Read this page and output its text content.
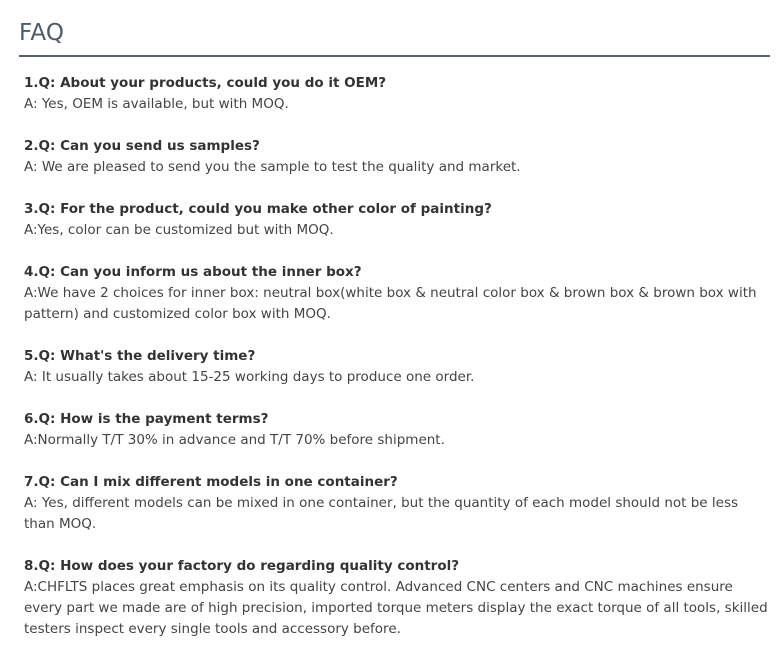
FAQ

1.Q: About your products, could you do it OEM?

A: Yes, OEM is available, but with MOQ.

2.Q: Can you send us samples?

A: We are pleased to send you the sample to test the quality and market.

3.Q: For the product, could you make other color of painting?

A:Yes, color can be customized but with MOQ.

4.Q: Can you inform us about the inner box?

A:We have 2 choices for inner box: neutral box(white box & neutral color box & brown box & brown box with pattern) and customized color box with MOQ.

5.Q: What's the delivery time?

A: It usually takes about 15-25 working days to produce one order.

6.Q: How is the payment terms?

A:Normally T/T 30% in advance and T/T 70% before shipment.

7.Q: Can I mix different models in one container?

A: Yes, different models can be mixed in one container, but the quantity of each model should not be less than MOQ.

8.Q: How does your factory do regarding quality control?

A:CHFLTS places great emphasis on its quality control. Advanced CNC centers and CNC machines ensure every part we made are of high precision, imported torque meters display the exact torque of all tools, skilled testers inspect every single tools and accessory before.
